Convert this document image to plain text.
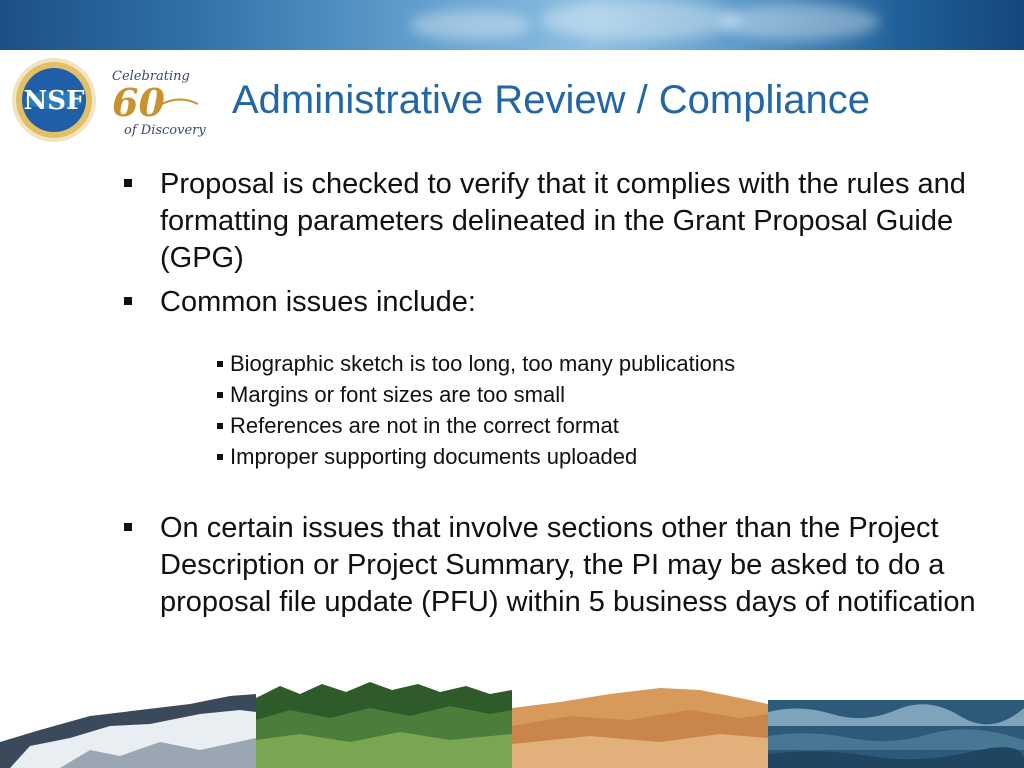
NSF
Celebrating
60
of Discovery
Administrative Review / Compliance
Proposal is checked to verify that it complies with the rules and formatting parameters delineated in the Grant Proposal Guide (GPG)
Common issues include:
Biographic sketch is too long, too many publications
Margins or font sizes are too small
References are not in the correct format
Improper supporting documents uploaded
On certain issues that involve sections other than the Project Description or Project Summary, the PI may be asked to do a proposal file update (PFU) within 5 business days of notification
